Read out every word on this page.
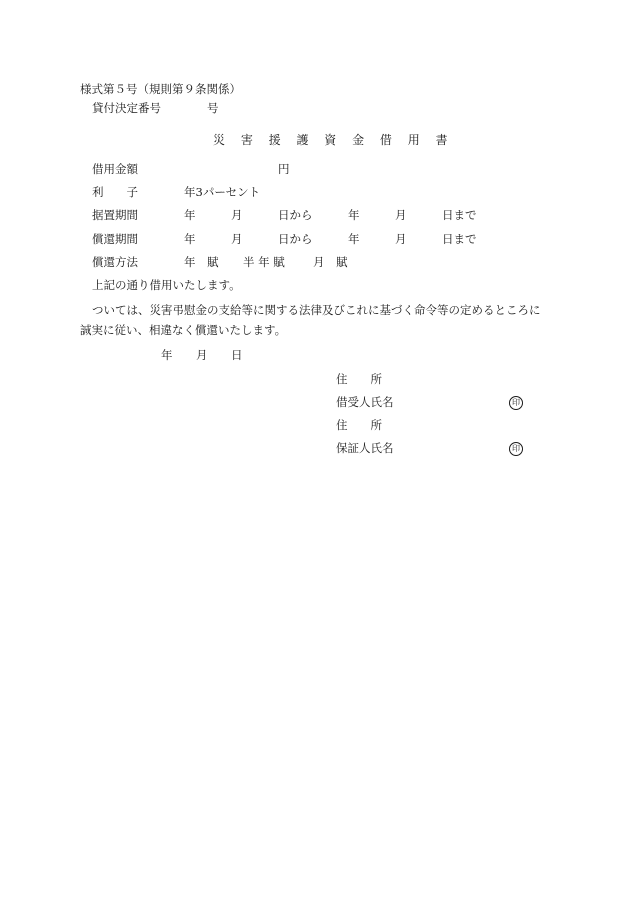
様式第５号（規則第９条関係）
貸付決定番号	号
災 害 援 護 資 金 借 用 書
借用金額	円
利　　子	年3パーセント
据置期間	年	月	日から	年	月	日まで
償還期間	年	月	日から	年	月	日まで
償還方法	年　賦 半 年 賦 月　賦
上記の通り借用いたします。
ついては、災害弔慰金の支給等に関する法律及びこれに基づく命令等の定めるところに誠実に従い、相違なく償還いたします。
年 月 日
住　　所
借受人氏名	印
住　　所
保証人氏名	印
